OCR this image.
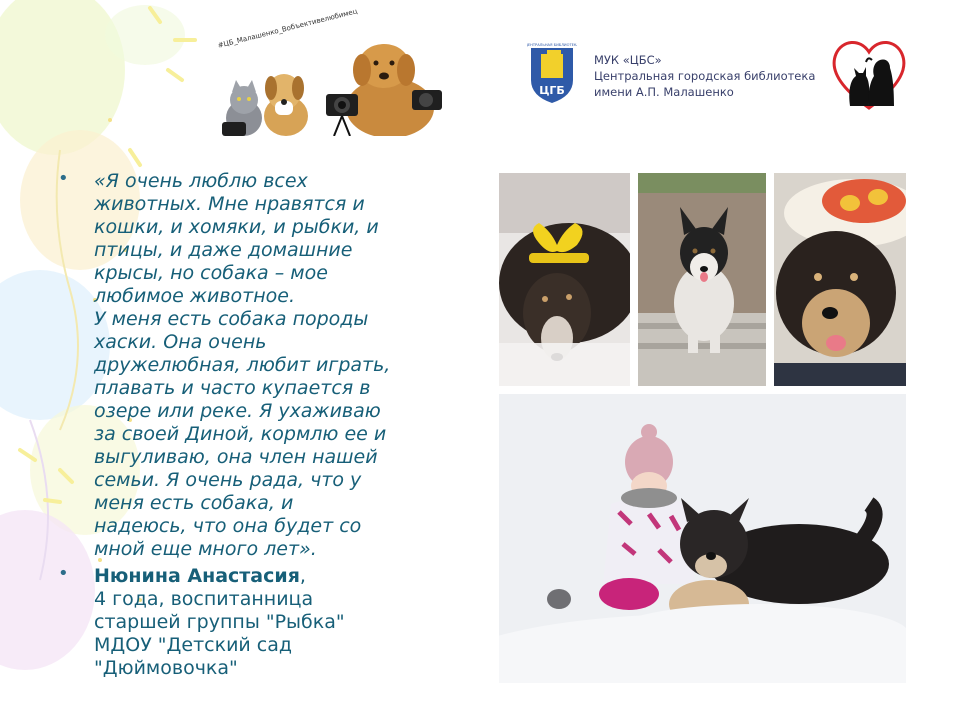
#ЦБ_Малашенко_Вобъективелюбимец
ЦГБ
ЦЕНТРАЛЬНАЯ БИБЛИОТЕКА
МУК «ЦБС»
Центральная городская библиотека
имени А.П. Малашенко

• «Я очень люблю всех
животных. Мне нравятся и
кошки, и хомяки, и рыбки, и
птицы, и даже домашние
крысы, но собака – мое
любимое животное.
У меня есть собака породы
хаски. Она очень
дружелюбная, любит играть,
плавать и часто купается в
озере или реке. Я ухаживаю
за своей Диной, кормлю ее и
выгуливаю, она член нашей
семьи. Я очень рада, что у
меня есть собака, и
надеюсь, что она будет со
мной еще много лет».

• Нюнина Анастасия,
4 года, воспитанница
старшей группы "Рыбка"
МДОУ "Детский сад
"Дюймовочка"
